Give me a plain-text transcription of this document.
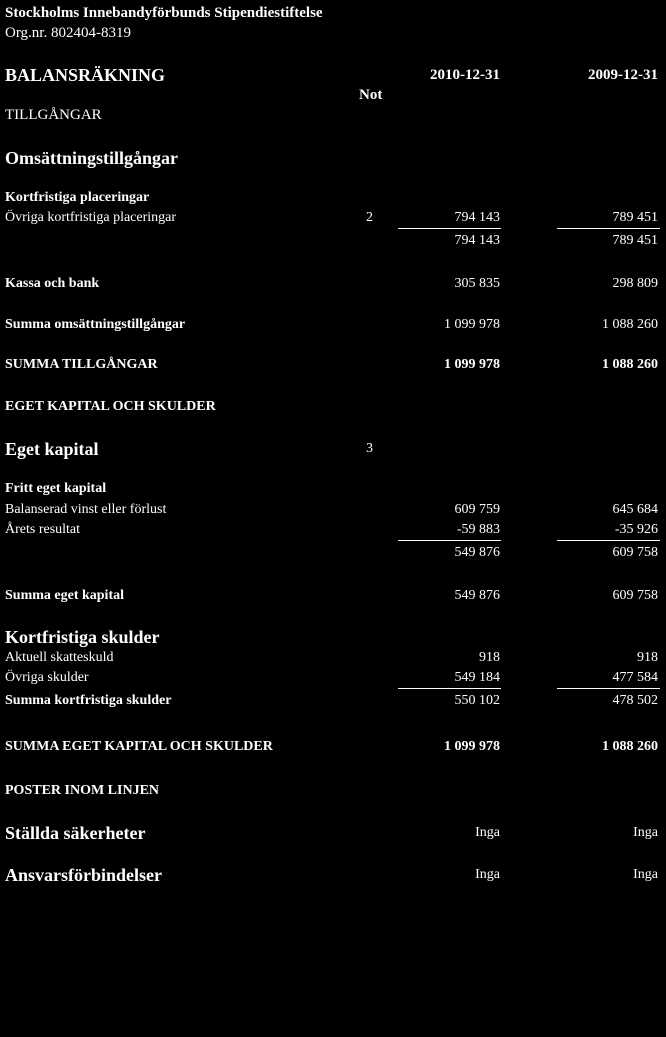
Stockholms Innebandyförbunds Stipendiestiftelse
Org.nr. 802404-8319
BALANSRÄKNING	2010-12-31	2009-12-31
Not
TILLGÅNGAR
Omsättningstillgångar
Kortfristiga placeringar
Övriga kortfristiga placeringar	2	794 143	789 451
794 143	789 451
Kassa och bank	305 835	298 809
Summa omsättningstillgångar	1 099 978	1 088 260
SUMMA TILLGÅNGAR	1 099 978	1 088 260
EGET KAPITAL OCH SKULDER
Eget kapital	3
Fritt eget kapital
Balanserad vinst eller förlust	609 759	645 684
Årets resultat	-59 883	-35 926
549 876	609 758
Summa eget kapital	549 876	609 758
Kortfristiga skulder
Aktuell skatteskuld	918	918
Övriga skulder	549 184	477 584
Summa kortfristiga skulder	550 102	478 502
SUMMA EGET KAPITAL OCH SKULDER	1 099 978	1 088 260
POSTER INOM LINJEN
Ställda säkerheter	Inga	Inga
Ansvarsförbindelser	Inga	Inga
